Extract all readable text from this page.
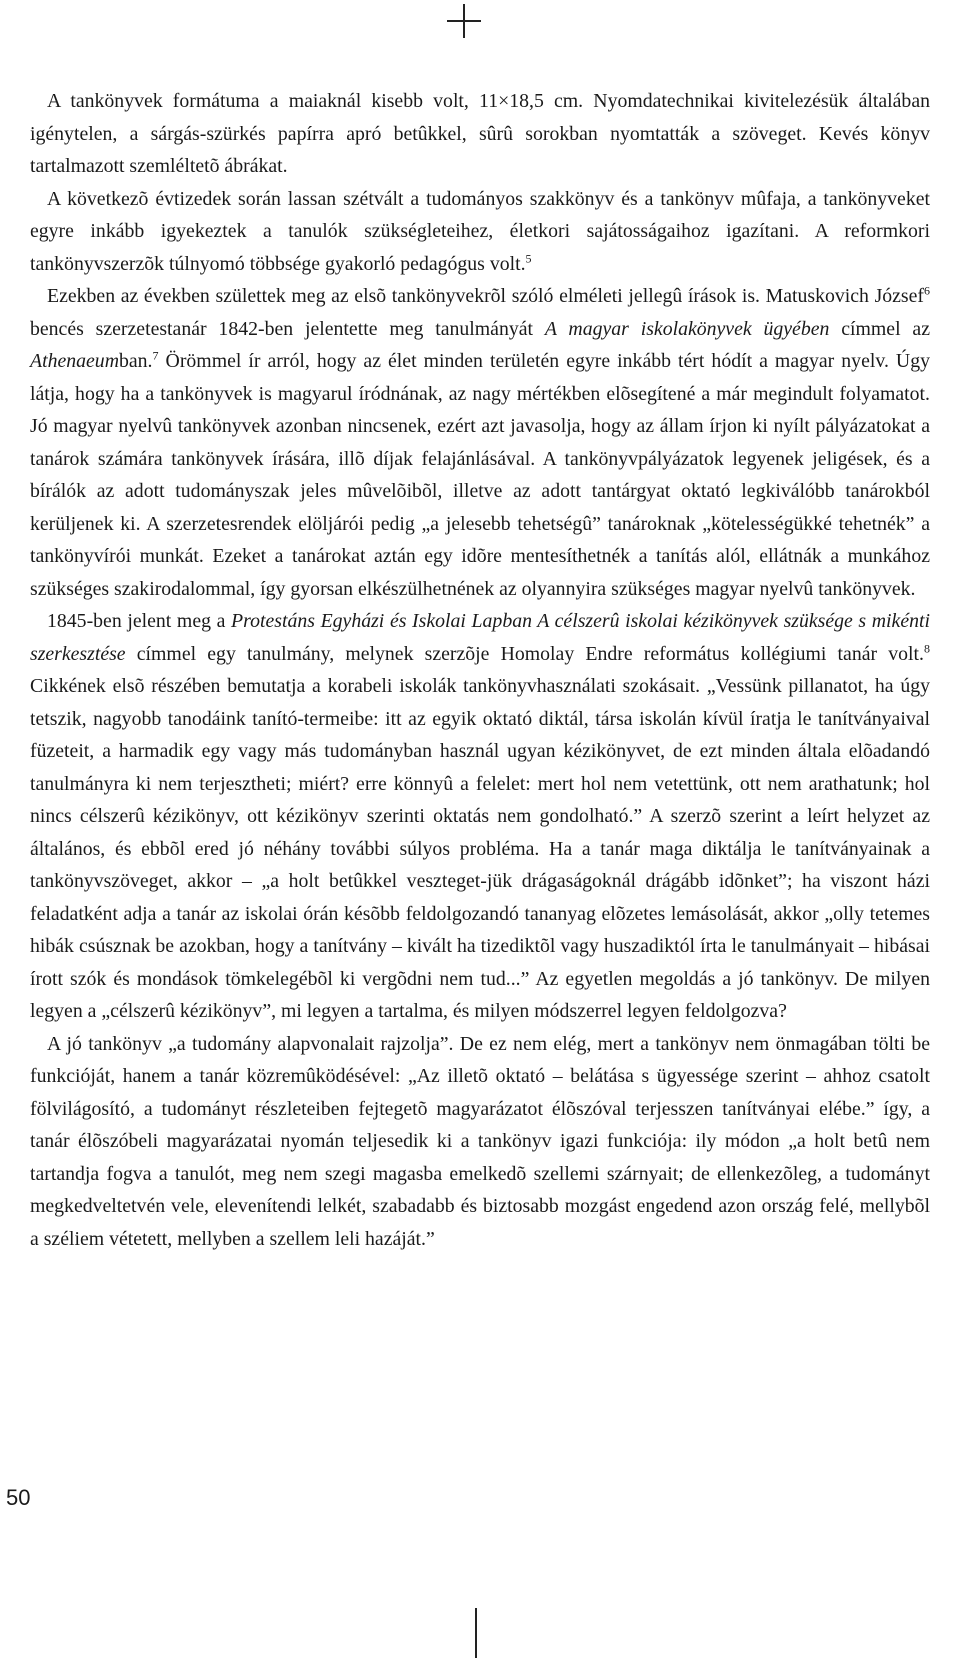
A tankönyvek formátuma a maiaknál kisebb volt, 11×18,5 cm. Nyomdatechnikai kivitelezésük általában igénytelen, a sárgás-szürkés papírra apró betûkkel, sûrû sorokban nyomtatták a szöveget. Kevés könyv tartalmazott szemléltetõ ábrákat.

A következõ évtizedek során lassan szétvált a tudományos szakkönyv és a tankönyv mûfaja, a tankönyveket egyre inkább igyekeztek a tanulók szükségleteihez, életkori sajátosságaihoz igazítani. A reformkori tankönyvszerzõk túlnyomó többsége gyakorló pedagógus volt.$^5$

Ezekben az években születtek meg az elsõ tankönyvekrõl szóló elméleti jellegû írások is. Matuskovich József$^6$ bencés szerzetestanár 1842-ben jelentette meg tanulmányát A magyar iskolakönyvek ügyében címmel az Athenaeumban.$^7$ Örömmel ír arról, hogy az élet minden területén egyre inkább tért hódít a magyar nyelv. Úgy látja, hogy ha a tankönyvek is magyarul íródnának, az nagy mértékben elõsegítené a már megindult folyamatot. Jó magyar nyelvû tankönyvek azonban nincsenek, ezért azt javasolja, hogy az állam írjon ki nyílt pályázatokat a tanárok számára tankönyvek írására, illõ díjak felajánlásával. A tankönyvpályázatok legyenek jeligések, és a bírálók az adott tudományszak jeles mûvelõibõl, illetve az adott tantárgyat oktató legkiválóbb tanárokból kerüljenek ki. A szerzetesrendek elöljárói pedig „a jelesebb tehetségû” tanároknak „kötelességükké tehetnék” a tankönyvírói munkát. Ezeket a tanárokat aztán egy idõre mentesíthetnék a tanítás alól, ellátnák a munkához szükséges szakirodalommal, így gyorsan elkészülhetnének az olyannyira szükséges magyar nyelvû tankönyvek.

1845-ben jelent meg a Protestáns Egyházi és Iskolai Lapban A célszerû iskolai kézikönyvek szüksége s mikénti szerkesztése címmel egy tanulmány, melynek szerzõje Homolay Endre református kollégiumi tanár volt.$^8$ Cikkének elsõ részében bemutatja a korabeli iskolák tankönyvhasználati szokásait. „Vessünk pillanatot, ha úgy tetszik, nagyobb tanodáink tanító-termeibe: itt az egyik oktató diktál, társa iskolán kívül íratja le tanítványaival füzeteit, a harmadik egy vagy más tudományban használ ugyan kézikönyvet, de ezt minden általa elõadandó tanulmányra ki nem terjesztheti; miért? erre könnyû a felelet: mert hol nem vetettünk, ott nem arathatunk; hol nincs célszerû kézikönyv, ott kézikönyv szerinti oktatás nem gondolható.” A szerzõ szerint a leírt helyzet az általános, és ebbõl ered jó néhány további súlyos probléma. Ha a tanár maga diktálja le tanítványainak a tankönyvszöveget, akkor – „a holt betûkkel veszteget-jük drágaságoknál drágább idõnket”; ha viszont házi feladatként adja a tanár az iskolai órán késõbb feldolgozandó tananyag elõzetes lemásolását, akkor „olly tetemes hibák csúsznak be azokban, hogy a tanítvány – kivált ha tizediktõl vagy huszadiktól írta le tanulmányait – hibásai írott szók és mondások tömkelegébõl ki vergõdni nem tud...” Az egyetlen megoldás a jó tankönyv. De milyen legyen a „célszerû kézikönyv”, mi legyen a tartalma, és milyen módszerrel legyen feldolgozva?

A jó tankönyv „a tudomány alapvonalait rajzolja”. De ez nem elég, mert a tankönyv nem önmagában tölti be funkcióját, hanem a tanár közremûködésével: „Az illetõ oktató – belátása s ügyessége szerint – ahhoz csatolt fölvilágosító, a tudományt részleteiben fejtegetõ magyarázatot élõszóval terjesszen tanítványai elébe.” így, a tanár élõszóbeli magyarázatai nyomán teljesedik ki a tankönyv igazi funkciója: ily módon „a holt betû nem tartandja fogva a tanulót, meg nem szegi magasba emelkedõ szellemi szárnyait; de ellenkezõleg, a tudományt megkedveltetvén vele, elevenítendi lelkét, szabadabb és biztosabb mozgást engedend azon ország felé, mellybõl a széliem vétetett, mellyben a szellem leli hazáját.”

50
